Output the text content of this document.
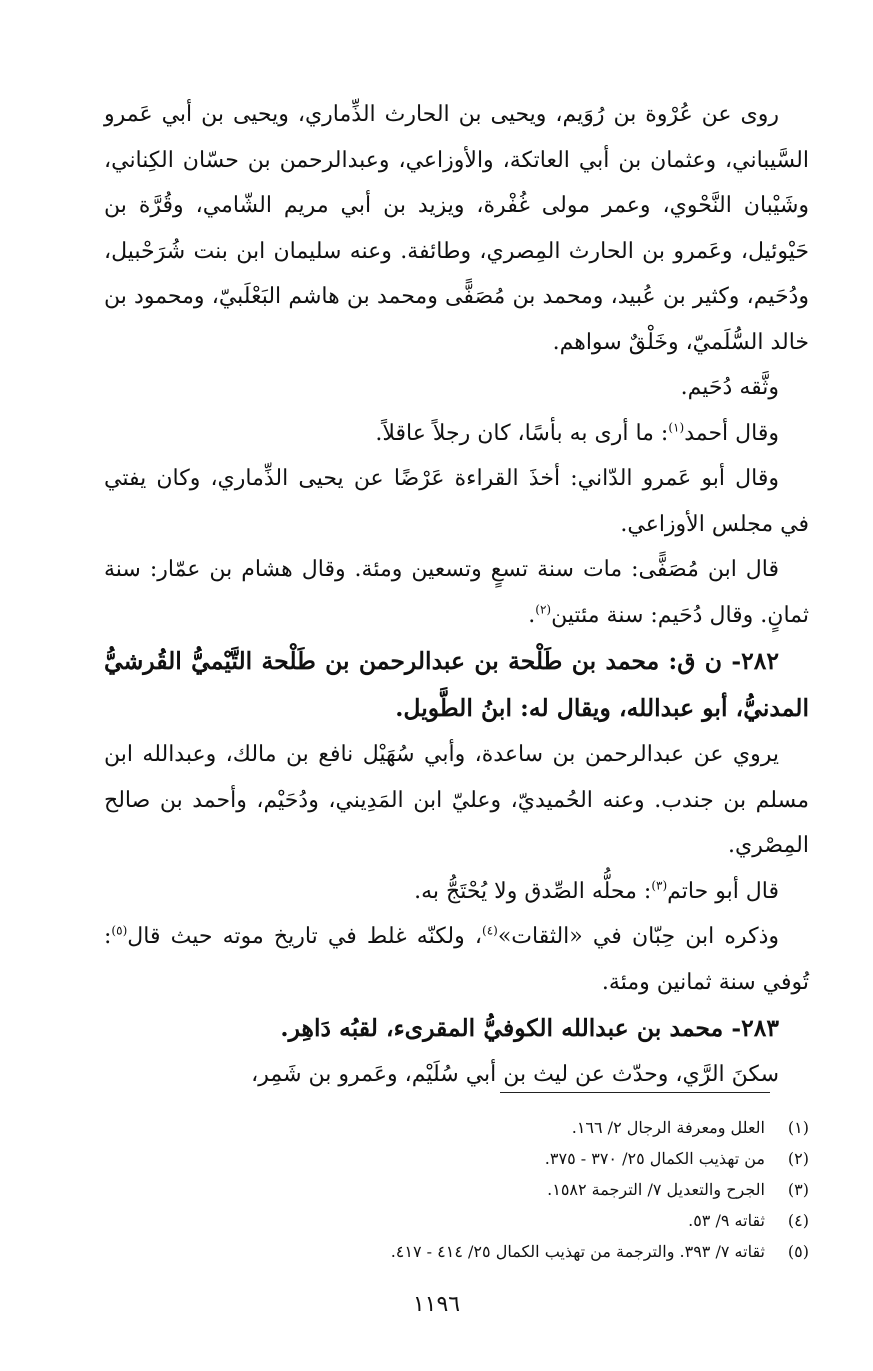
روى عن عُرْوة بن رُوَيم، ويحيى بن الحارث الذِّماري، ويحيى بن أبي عَمرو السَّيباني، وعثمان بن أبي العاتكة، والأوزاعي، وعبدالرحمن بن حسّان الكِناني، وشَيْبان النَّحْوي، وعمر مولى غُفْرة، ويزيد بن أبي مريم الشّامي، وقُرَّة بن حَيْوئيل، وعَمرو بن الحارث المِصري، وطائفة. وعنه سليمان ابن بنت شُرَحْبيل، ودُحَيم، وكثير بن عُبيد، ومحمد بن مُصَفًّى ومحمد بن هاشم البَعْلَبيّ، ومحمود بن خالد السُّلَميّ، وخَلْقٌ سواهم.

وثَّقه دُحَيم.

وقال أحمد$^{(١)}$: ما أرى به بأسًا، كان رجلاً عاقلاً.

وقال أبو عَمرو الدّاني: أخذَ القراءة عَرْضًا عن يحيى الذِّماري، وكان يفتي في مجلس الأوزاعي.

قال ابن مُصَفًّى: مات سنة تسعٍ وتسعين ومئة. وقال هشام بن عمّار: سنة ثمانٍ. وقال دُحَيم: سنة مئتين$^{(٢)}$.

٢٨٢- ن ق: محمد بن طَلْحة بن عبدالرحمن بن طَلْحة التَّيْميُّ القُرشيُّ المدنيُّ، أبو عبدالله، ويقال له: ابنُ الطَّويل.

يروي عن عبدالرحمن بن ساعدة، وأبي سُهَيْل نافع بن مالك، وعبدالله ابن مسلم بن جندب. وعنه الحُميديّ، وعليّ ابن المَدِيني، ودُحَيْم، وأحمد بن صالح المِصْري.

قال أبو حاتم$^{(٣)}$: محلُّه الصِّدق ولا يُحْتَجُّ به.

وذكره ابن حِبّان في «الثقات»$^{(٤)}$، ولكنّه غلط في تاريخ موته حيث قال$^{(٥)}$: تُوفي سنة ثمانين ومئة.

٢٨٣- محمد بن عبدالله الكوفيُّ المقرىء، لقبُه دَاهِر.

سكنَ الرَّي، وحدّث عن ليث بن أبي سُلَيْم، وعَمرو بن شَمِر،

(١)
العلل ومعرفة الرجال ٢/ ١٦٦.
(٢)
من تهذيب الكمال ٢٥/ ٣٧٠ - ٣٧٥.
(٣)
الجرح والتعديل ٧/ الترجمة ١٥٨٢.
(٤)
ثقاته ٩/ ٥٣.
(٥)
ثقاته ٧/ ٣٩٣. والترجمة من تهذيب الكمال ٢٥/ ٤١٤ - ٤١٧.
١١٩٦
